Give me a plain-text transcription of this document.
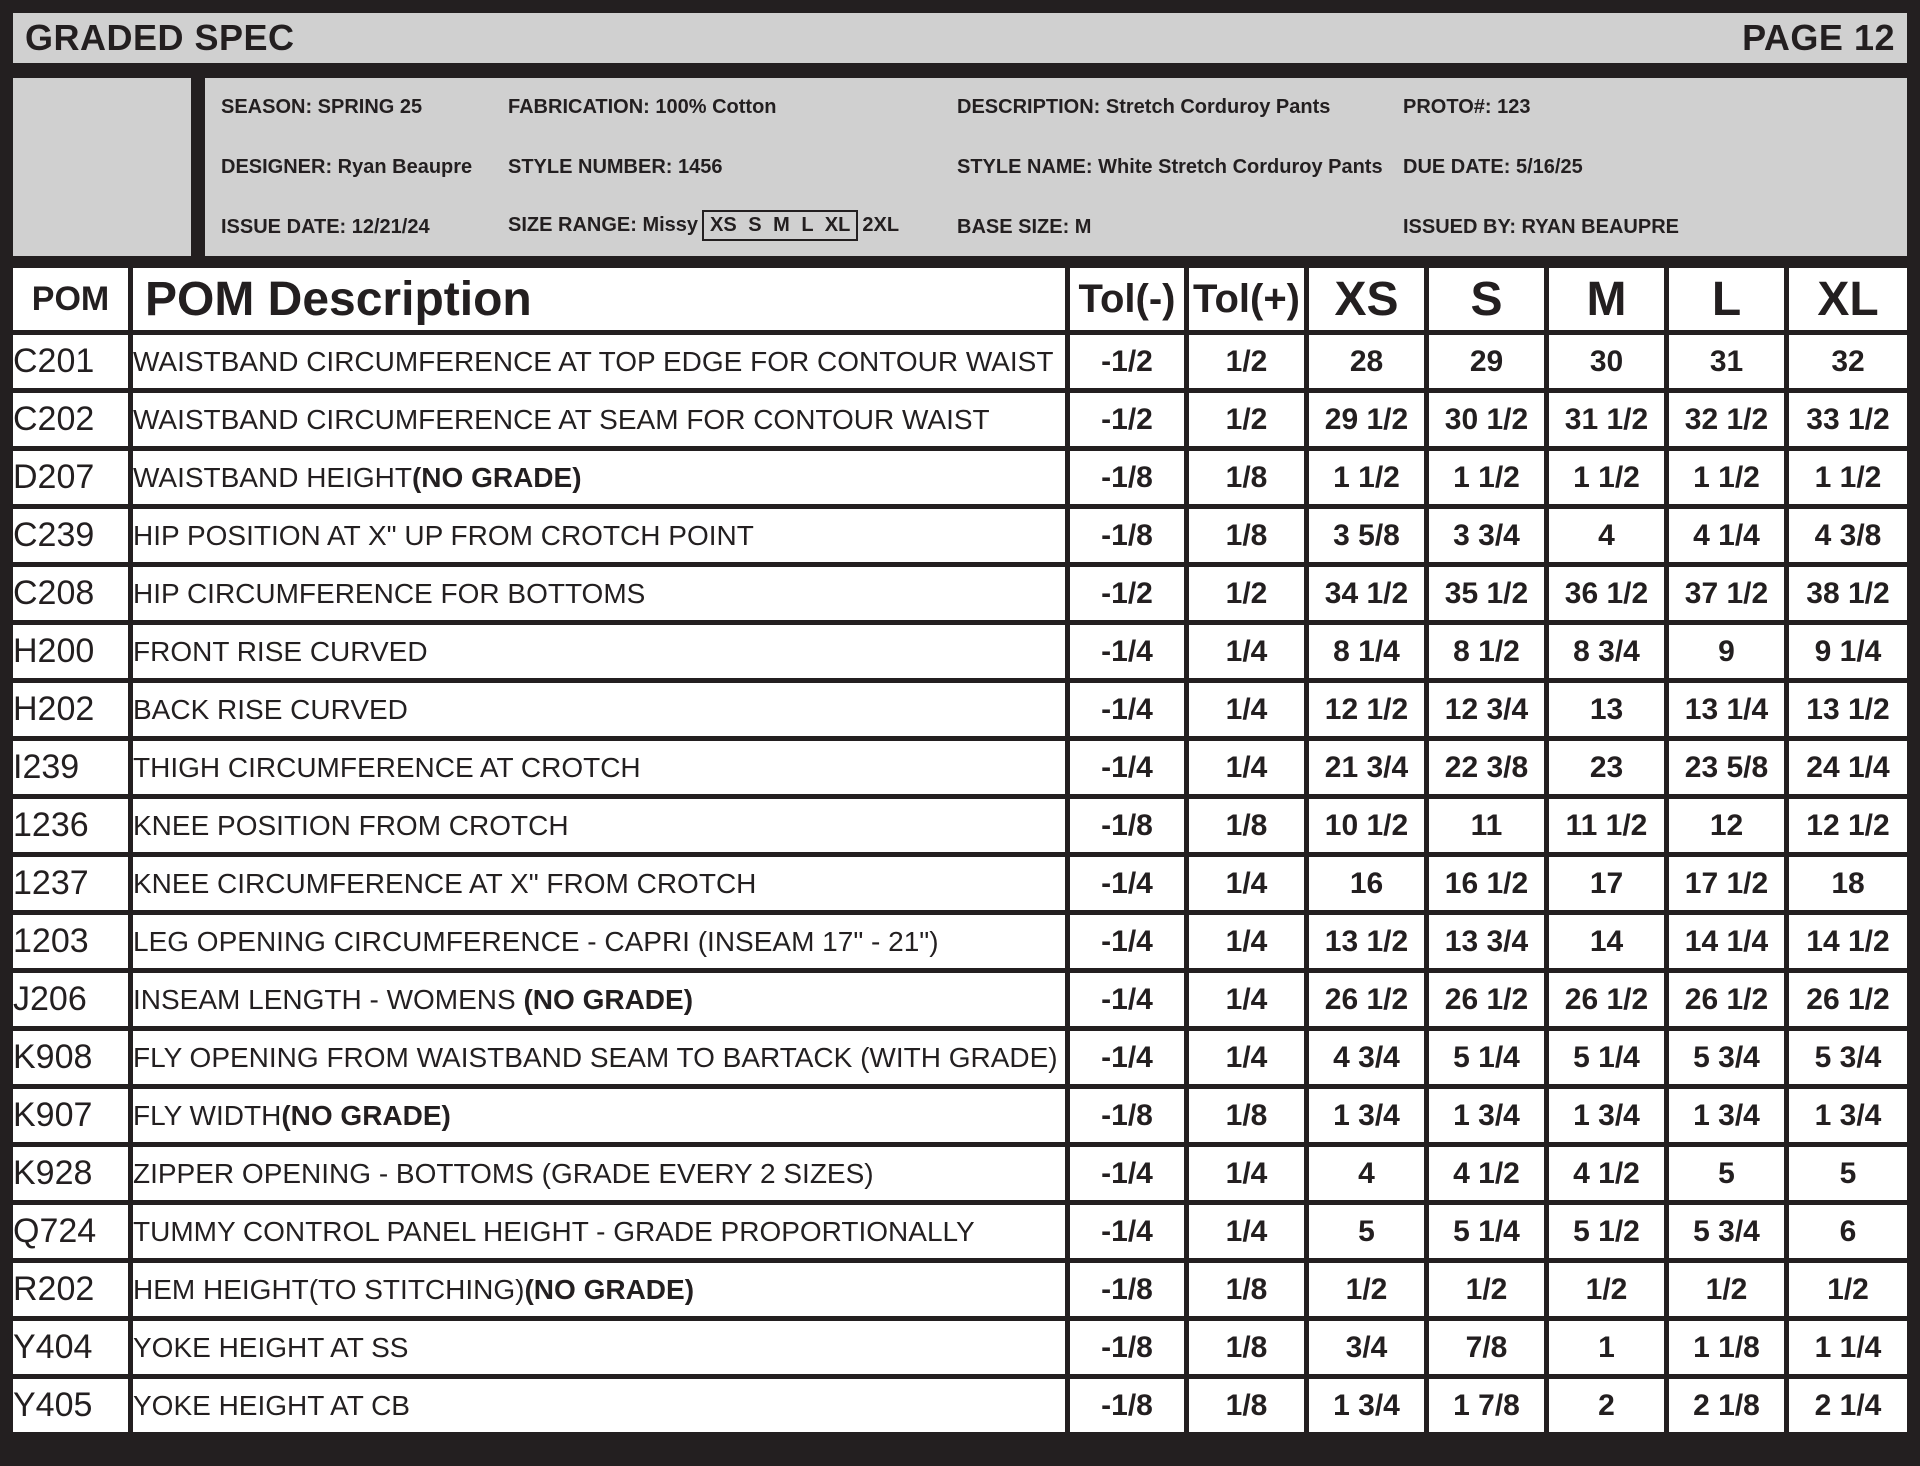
GRADED SPEC	PAGE 12
SEASON: SPRING 25	FABRICATION: 100% Cotton	DESCRIPTION: Stretch Corduroy Pants	PROTO#: 123
DESIGNER: Ryan Beaupre STYLE NUMBER: 1456	STYLE NAME: White Stretch Corduroy Pants DUE DATE: 5/16/25
ISSUE DATE: 12/21/24	SIZE RANGE: Missy XS S M L XL 2XL	BASE SIZE: M	ISSUED BY: RYAN BEAUPRE
POM	POM Description	Tol(-)	Tol(+)	XS	S	M	L	XL
C201	WAISTBAND CIRCUMFERENCE AT TOP EDGE FOR CONTOUR WAIST	-1/2	1/2	28	29	30	31	32
C202	WAISTBAND CIRCUMFERENCE AT SEAM FOR CONTOUR WAIST	-1/2	1/2	29 1/2	30 1/2	31 1/2	32 1/2	33 1/2
D207	WAISTBAND HEIGHT(NO GRADE)	-1/8	1/8	1 1/2	1 1/2	1 1/2	1 1/2	1 1/2
C239	HIP POSITION AT X" UP FROM CROTCH POINT	-1/8	1/8	3 5/8	3 3/4	4	4 1/4	4 3/8
C208	HIP CIRCUMFERENCE FOR BOTTOMS	-1/2	1/2	34 1/2	35 1/2	36 1/2	37 1/2	38 1/2
H200	FRONT RISE CURVED	-1/4	1/4	8 1/4	8 1/2	8 3/4	9	9 1/4
H202	BACK RISE CURVED	-1/4	1/4	12 1/2	12 3/4	13	13 1/4	13 1/2
I239	THIGH CIRCUMFERENCE AT CROTCH	-1/4	1/4	21 3/4	22 3/8	23	23 5/8	24 1/4
1236	KNEE POSITION FROM CROTCH	-1/8	1/8	10 1/2	11	11 1/2	12	12 1/2
1237	KNEE CIRCUMFERENCE AT X" FROM CROTCH	-1/4	1/4	16	16 1/2	17	17 1/2	18
1203	LEG OPENING CIRCUMFERENCE - CAPRI (INSEAM 17" - 21")	-1/4	1/4	13 1/2	13 3/4	14	14 1/4	14 1/2
J206	INSEAM LENGTH - WOMENS (NO GRADE)	-1/4	1/4	26 1/2	26 1/2	26 1/2	26 1/2	26 1/2
K908	FLY OPENING FROM WAISTBAND SEAM TO BARTACK (WITH GRADE)	-1/4	1/4	4 3/4	5 1/4	5 1/4	5 3/4	5 3/4
K907	FLY WIDTH(NO GRADE)	-1/8	1/8	1 3/4	1 3/4	1 3/4	1 3/4	1 3/4
K928	ZIPPER OPENING - BOTTOMS (GRADE EVERY 2 SIZES)	-1/4	1/4	4	4 1/2	4 1/2	5	5
Q724	TUMMY CONTROL PANEL HEIGHT - GRADE PROPORTIONALLY	-1/4	1/4	5	5 1/4	5 1/2	5 3/4	6
R202	HEM HEIGHT(TO STITCHING)(NO GRADE)	-1/8	1/8	1/2	1/2	1/2	1/2	1/2
Y404	YOKE HEIGHT AT SS	-1/8	1/8	3/4	7/8	1	1 1/8	1 1/4
Y405	YOKE HEIGHT AT CB	-1/8	1/8	1 3/4	1 7/8	2	2 1/8	2 1/4
